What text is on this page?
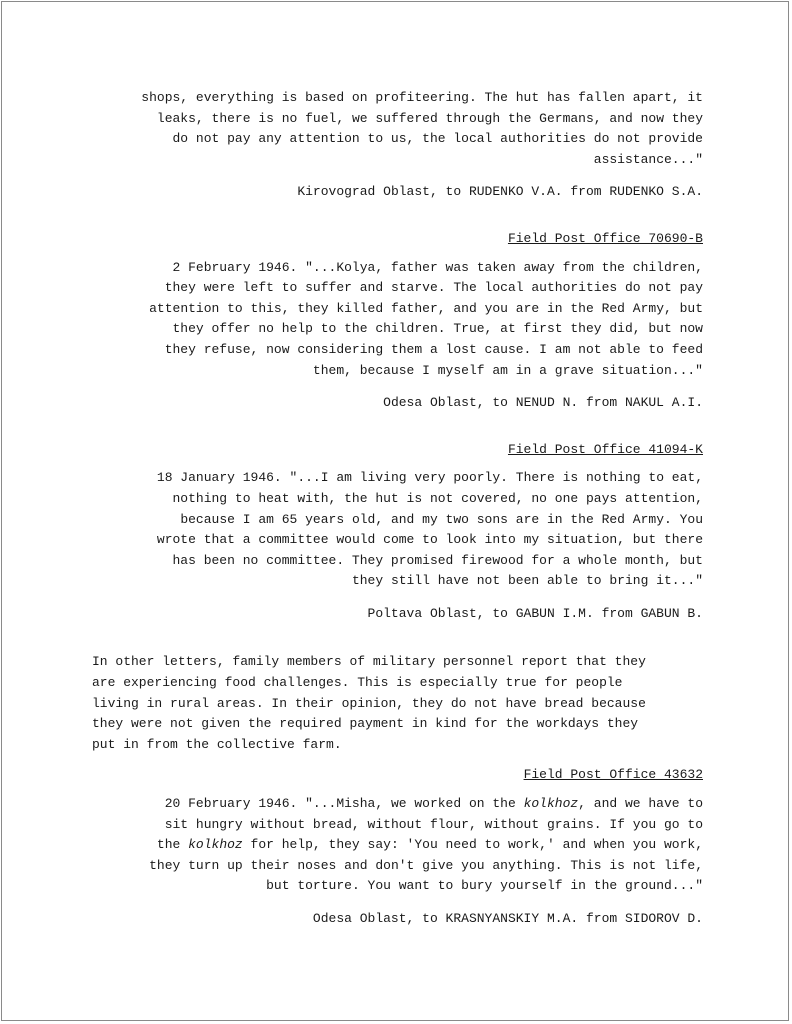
shops, everything is based on profiteering. The hut has fallen apart, it

leaks, there is no fuel, we suffered through the Germans, and now they

do not pay any attention to us, the local authorities do not provide

assistance..."

Kirovograd Oblast, to RUDENKO V.A. from RUDENKO S.A.

Field Post Office 70690-B

2 February 1946. "...Kolya, father was taken away from the children,

they were left to suffer and starve. The local authorities do not pay

attention to this, they killed father, and you are in the Red Army, but

they offer no help to the children. True, at first they did, but now

they refuse, now considering them a lost cause. I am not able to feed

them, because I myself am in a grave situation..."

Odesa Oblast, to NENUD N. from NAKUL A.I.

Field Post Office 41094-K

18 January 1946. "...I am living very poorly. There is nothing to eat,

nothing to heat with, the hut is not covered, no one pays attention,

because I am 65 years old, and my two sons are in the Red Army. You

wrote that a committee would come to look into my situation, but there

has been no committee. They promised firewood for a whole month, but

they still have not been able to bring it..."

Poltava Oblast, to GABUN I.M. from GABUN B.

In other letters, family members of military personnel report that they

are experiencing food challenges. This is especially true for people

living in rural areas. In their opinion, they do not have bread because

they were not given the required payment in kind for the workdays they

put in from the collective farm.

Field Post Office 43632

20 February 1946. "...Misha, we worked on the kolkhoz, and we have to

sit hungry without bread, without flour, without grains. If you go to

the kolkhoz for help, they say: 'You need to work,' and when you work,

they turn up their noses and don't give you anything. This is not life,

but torture. You want to bury yourself in the ground..."

Odesa Oblast, to KRASNYANSKIY M.A. from SIDOROV D.
